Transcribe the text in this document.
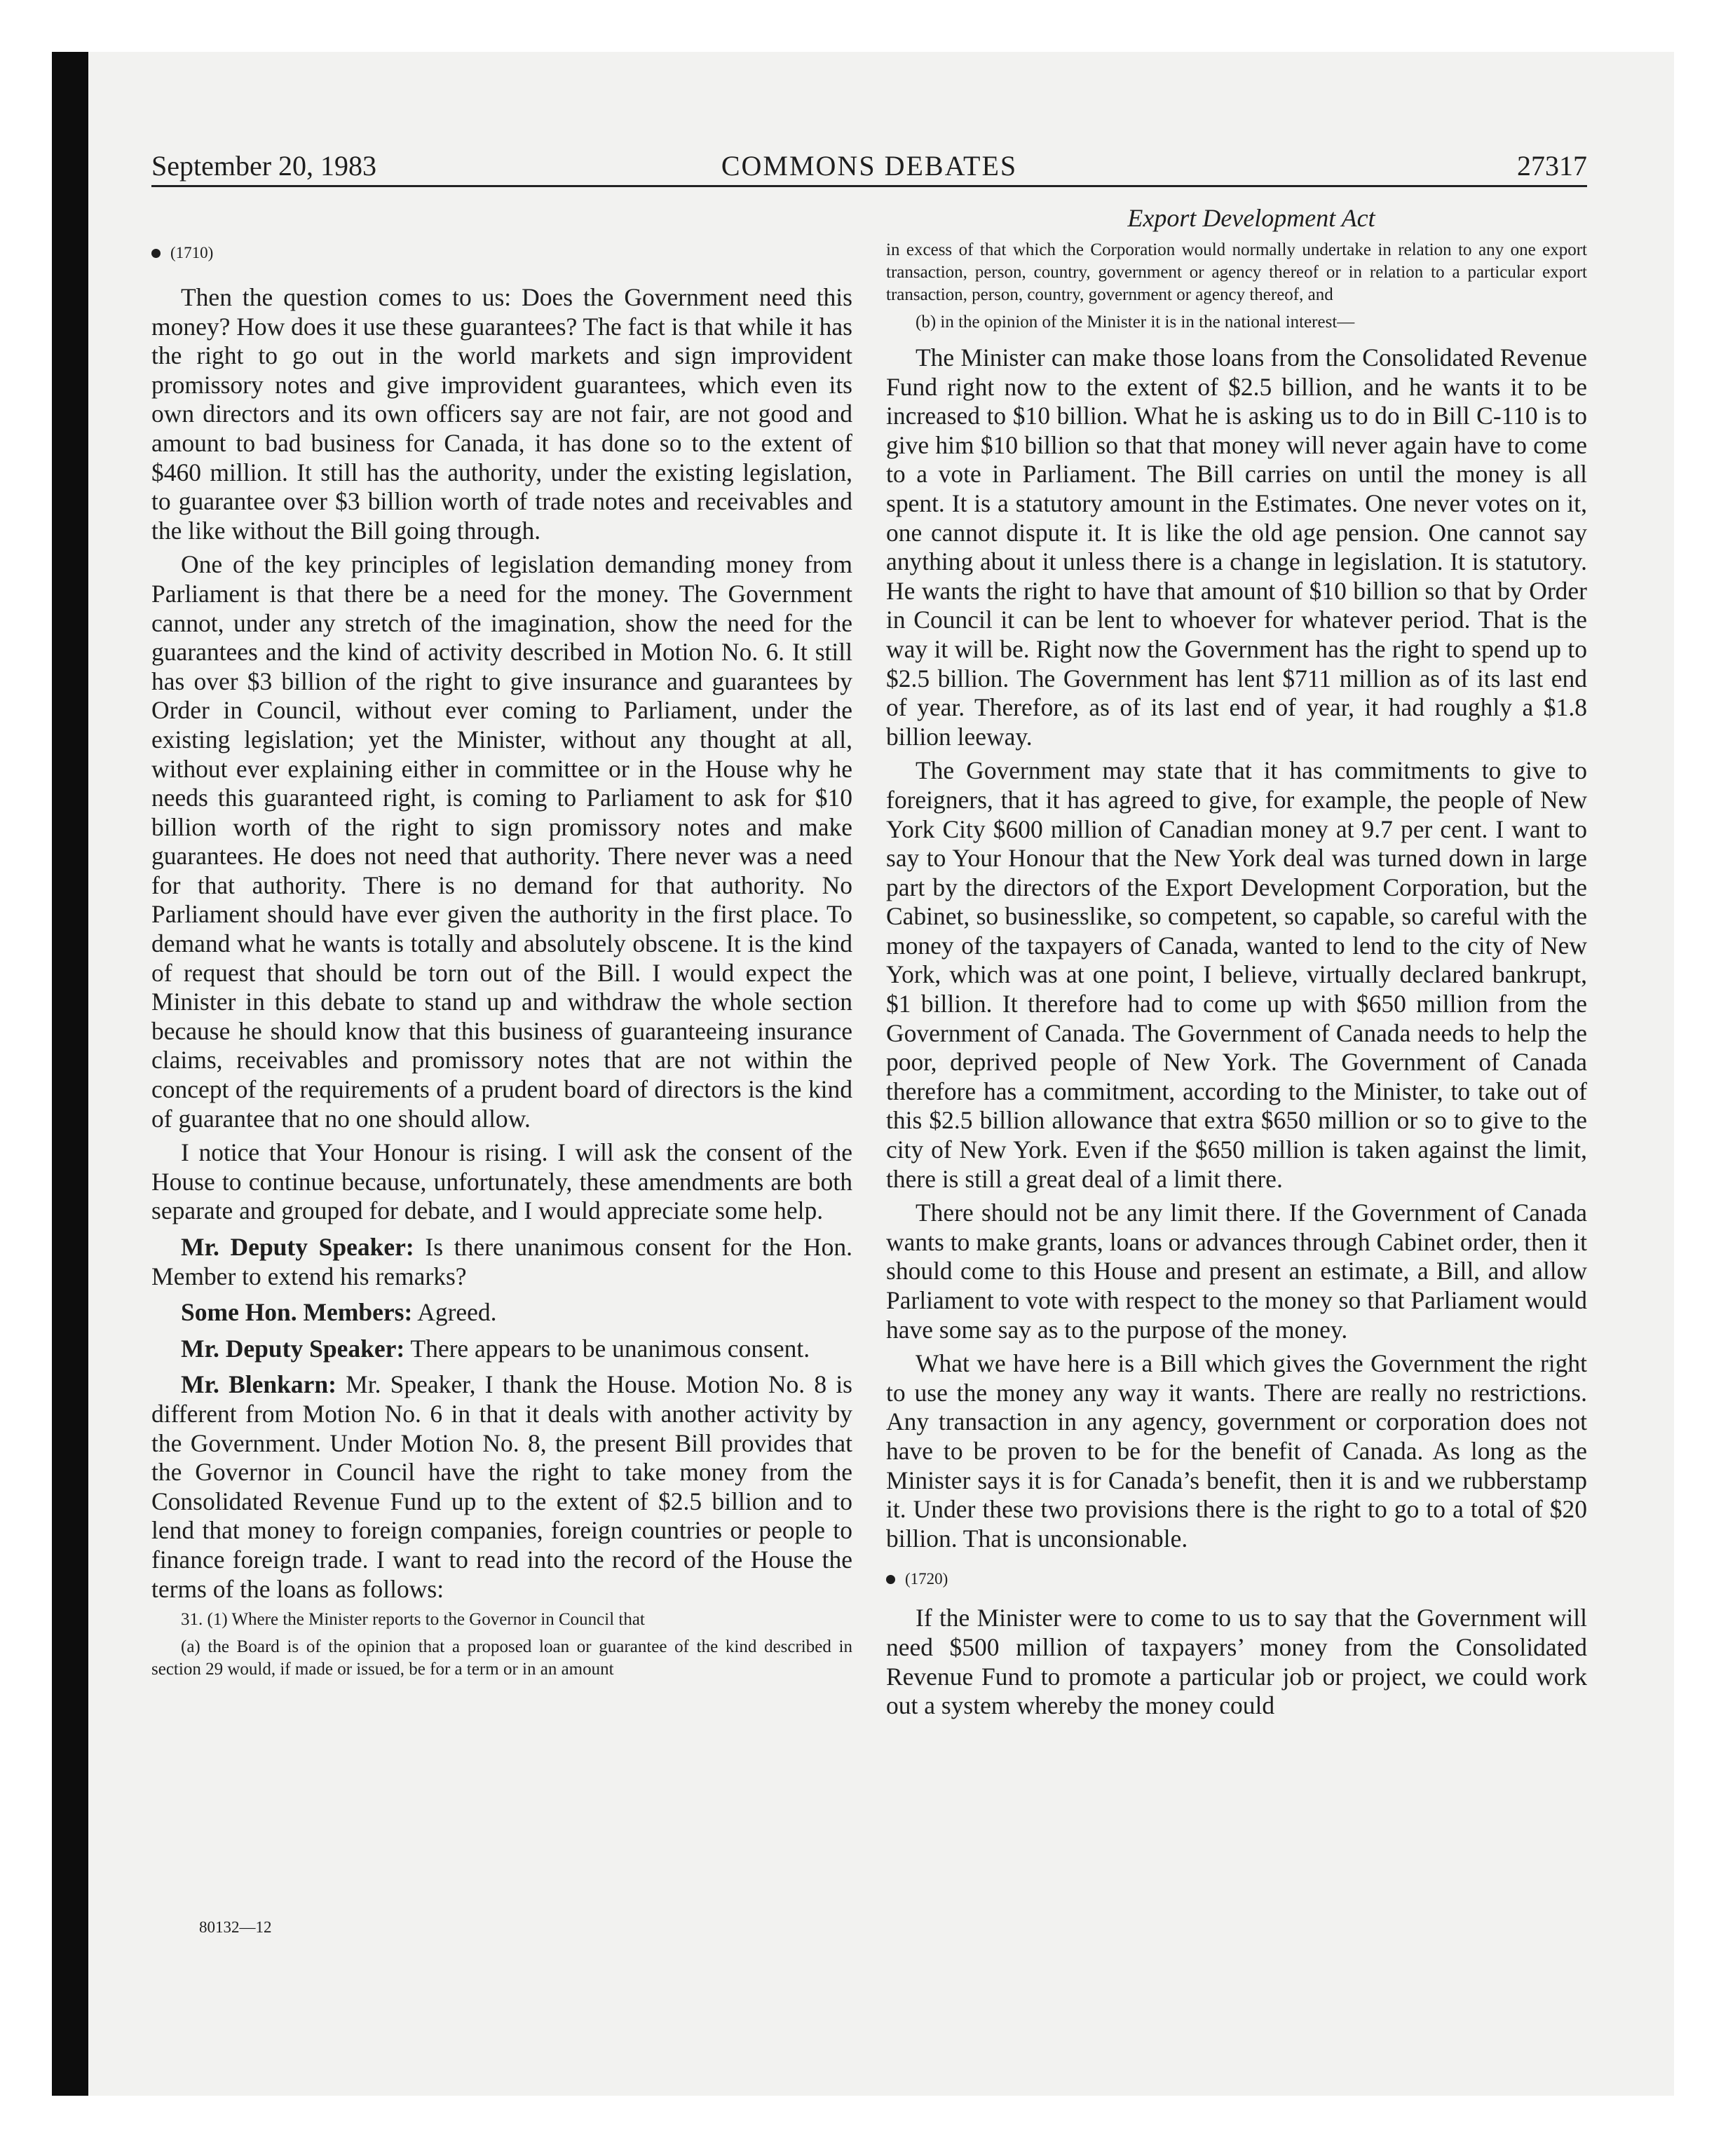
September 20, 1983	COMMONS DEBATES	27317
(1710)

Then the question comes to us: Does the Government need this money? How does it use these guarantees? The fact is that while it has the right to go out in the world markets and sign improvident promissory notes and give improvident guarantees, which even its own directors and its own officers say are not fair, are not good and amount to bad business for Canada, it has done so to the extent of $460 million. It still has the authority, under the existing legislation, to guarantee over $3 billion worth of trade notes and receivables and the like without the Bill going through.

One of the key principles of legislation demanding money from Parliament is that there be a need for the money. The Government cannot, under any stretch of the imagination, show the need for the guarantees and the kind of activity described in Motion No. 6. It still has over $3 billion of the right to give insurance and guarantees by Order in Council, without ever coming to Parliament, under the existing legislation; yet the Minister, without any thought at all, without ever explaining either in committee or in the House why he needs this guaranteed right, is coming to Parliament to ask for $10 billion worth of the right to sign promissory notes and make guarantees. He does not need that authority. There never was a need for that authority. There is no demand for that authority. No Parliament should have ever given the authority in the first place. To demand what he wants is totally and absolutely obscene. It is the kind of request that should be torn out of the Bill. I would expect the Minister in this debate to stand up and withdraw the whole section because he should know that this business of guaranteeing insurance claims, receivables and promissory notes that are not within the concept of the requirements of a prudent board of directors is the kind of guarantee that no one should allow.

I notice that Your Honour is rising. I will ask the consent of the House to continue because, unfortunately, these amendments are both separate and grouped for debate, and I would appreciate some help.

Mr. Deputy Speaker: Is there unanimous consent for the Hon. Member to extend his remarks?

Some Hon. Members: Agreed.

Mr. Deputy Speaker: There appears to be unanimous consent.

Mr. Blenkarn: Mr. Speaker, I thank the House. Motion No. 8 is different from Motion No. 6 in that it deals with another activity by the Government. Under Motion No. 8, the present Bill provides that the Governor in Council have the right to take money from the Consolidated Revenue Fund up to the extent of $2.5 billion and to lend that money to foreign companies, foreign countries or people to finance foreign trade. I want to read into the record of the House the terms of the loans as follows:

31. (1) Where the Minister reports to the Governor in Council that

(a) the Board is of the opinion that a proposed loan or guarantee of the kind described in section 29 would, if made or issued, be for a term or in an amount

Export Development Act

in excess of that which the Corporation would normally undertake in relation to any one export transaction, person, country, government or agency thereof or in relation to a particular export transaction, person, country, government or agency thereof, and

(b) in the opinion of the Minister it is in the national interest—

The Minister can make those loans from the Consolidated Revenue Fund right now to the extent of $2.5 billion, and he wants it to be increased to $10 billion. What he is asking us to do in Bill C-110 is to give him $10 billion so that that money will never again have to come to a vote in Parliament. The Bill carries on until the money is all spent. It is a statutory amount in the Estimates. One never votes on it, one cannot dispute it. It is like the old age pension. One cannot say anything about it unless there is a change in legislation. It is statutory. He wants the right to have that amount of $10 billion so that by Order in Council it can be lent to whoever for whatever period. That is the way it will be. Right now the Government has the right to spend up to $2.5 billion. The Government has lent $711 million as of its last end of year. Therefore, as of its last end of year, it had roughly a $1.8 billion leeway.

The Government may state that it has commitments to give to foreigners, that it has agreed to give, for example, the people of New York City $600 million of Canadian money at 9.7 per cent. I want to say to Your Honour that the New York deal was turned down in large part by the directors of the Export Development Corporation, but the Cabinet, so businesslike, so competent, so capable, so careful with the money of the taxpayers of Canada, wanted to lend to the city of New York, which was at one point, I believe, virtually declared bankrupt, $1 billion. It therefore had to come up with $650 million from the Government of Canada. The Government of Canada needs to help the poor, deprived people of New York. The Government of Canada therefore has a commitment, according to the Minister, to take out of this $2.5 billion allowance that extra $650 million or so to give to the city of New York. Even if the $650 million is taken against the limit, there is still a great deal of a limit there.

There should not be any limit there. If the Government of Canada wants to make grants, loans or advances through Cabinet order, then it should come to this House and present an estimate, a Bill, and allow Parliament to vote with respect to the money so that Parliament would have some say as to the purpose of the money.

What we have here is a Bill which gives the Government the right to use the money any way it wants. There are really no restrictions. Any transaction in any agency, government or corporation does not have to be proven to be for the benefit of Canada. As long as the Minister says it is for Canada’s benefit, then it is and we rubberstamp it. Under these two provisions there is the right to go to a total of $20 billion. That is unconsionable.

(1720)

If the Minister were to come to us to say that the Government will need $500 million of taxpayers’ money from the Consolidated Revenue Fund to promote a particular job or project, we could work out a system whereby the money could

80132—12
